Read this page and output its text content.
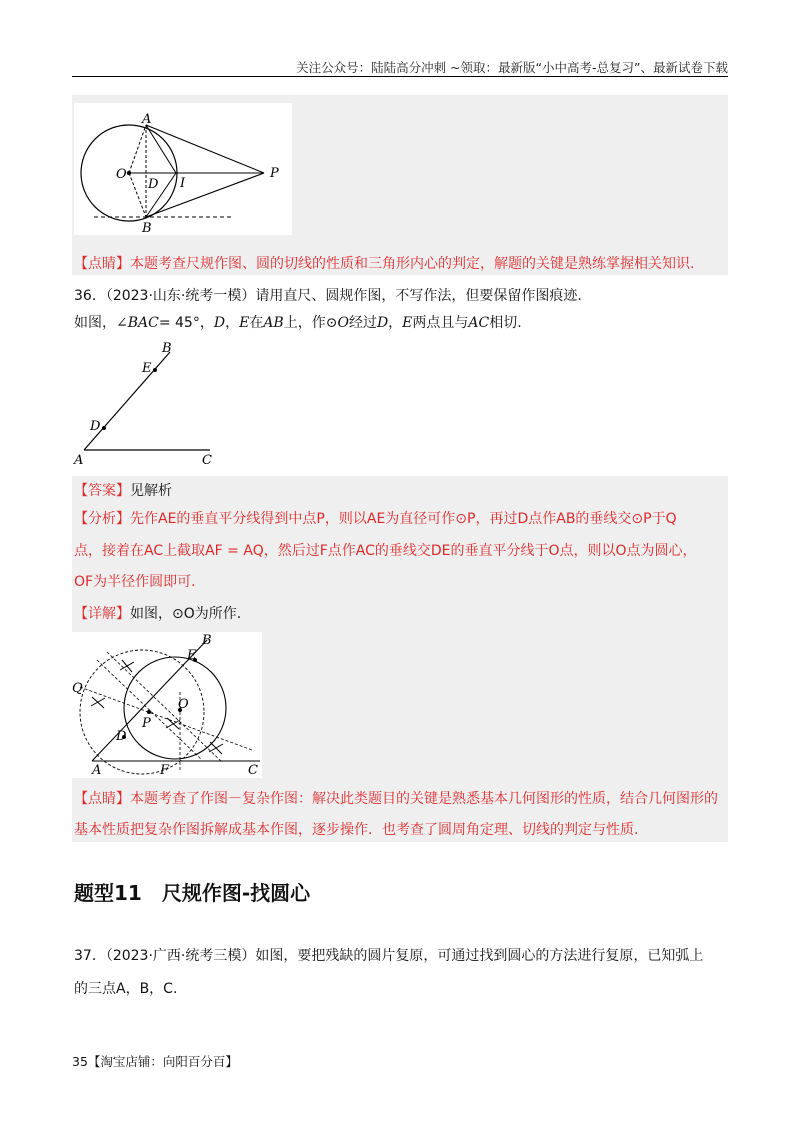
关注公众号：陆陆高分冲刺 ~领取：最新版“小中高考-总复习”、最新试卷下载
A
O
D I
P
B
【点睛】本题考查尺规作图、圆的切线的性质和三角形内心的判定，解题的关键是熟练掌握相关知识.
36．（2023·山东·统考一模）请用直尺、圆规作图，不写作法，但要保留作图痕迹.
如图，∠BAC= 45°，D，E在AB上，作⊙O经过D，E两点且与AC相切.
B
E
D
A	C
【答案】见解析
【分析】先作AE的垂直平分线得到中点P，则以AE为直径可作⊙P，再过D点作AB的垂线交⊙P于Q
点，接着在AC上截取AF = AQ，然后过F点作AC的垂线交DE的垂直平分线于O点，则以O点为圆心，
OF为半径作圆即可.
【详解】如图，⊙O为所作.
B
E
Q
O
P
D
A	F	C
【点睛】本题考查了作图－复杂作图：解决此类题目的关键是熟悉基本几何图形的性质，结合几何图形的
基本性质把复杂作图拆解成基本作图，逐步操作．也考查了圆周角定理、切线的判定与性质.
题型11　尺规作图-找圆心
37．（2023·广西·统考三模）如图，要把残缺的圆片复原，可通过找到圆心的方法进行复原，已知弧上
的三点A，B，C.
35【淘宝店铺：向阳百分百】
